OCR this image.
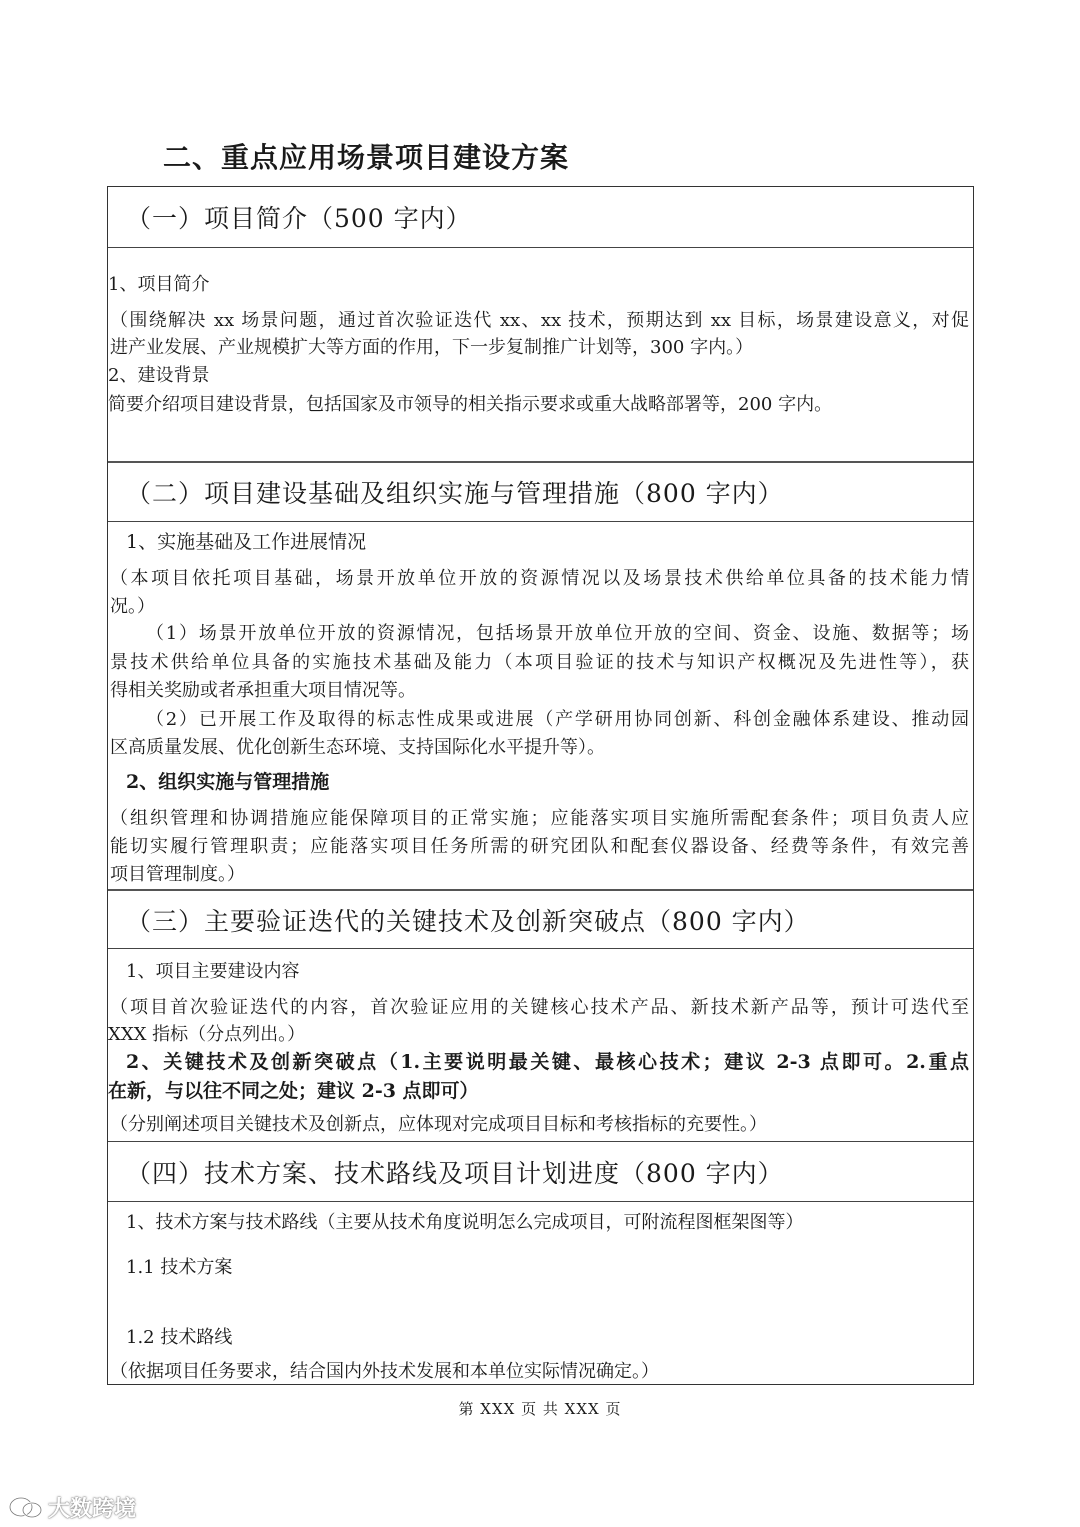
二、重点应用场景项目建设方案
（一）项目简介（500 字内）
1、项目简介
（围绕解决 xx 场景问题，通过首次验证迭代 xx、xx 技术，预期达到 xx 目标，场景建设意义，对促
进产业发展、产业规模扩大等方面的作用，下一步复制推广计划等，300 字内。）
2、建设背景
简要介绍项目建设背景，包括国家及市领导的相关指示要求或重大战略部署等，200 字内。
（二）项目建设基础及组织实施与管理措施（800 字内）
1、实施基础及工作进展情况
（本项目依托项目基础，场景开放单位开放的资源情况以及场景技术供给单位具备的技术能力情
况。）
（1）场景开放单位开放的资源情况，包括场景开放单位开放的空间、资金、设施、数据等；场
景技术供给单位具备的实施技术基础及能力（本项目验证的技术与知识产权概况及先进性等），获
得相关奖励或者承担重大项目情况等。
（2）已开展工作及取得的标志性成果或进展（产学研用协同创新、科创金融体系建设、推动园
区高质量发展、优化创新生态环境、支持国际化水平提升等）。
2、组织实施与管理措施
（组织管理和协调措施应能保障项目的正常实施；应能落实项目实施所需配套条件；项目负责人应
能切实履行管理职责；应能落实项目任务所需的研究团队和配套仪器设备、经费等条件，有效完善
项目管理制度。）
（三）主要验证迭代的关键技术及创新突破点（800 字内）
1、项目主要建设内容
（项目首次验证迭代的内容，首次验证应用的关键核心技术产品、新技术新产品等，预计可迭代至
XXX 指标（分点列出。）
2、关键技术及创新突破点（1.主要说明最关键、最核心技术；建议 2-3 点即可。2.重点
在新，与以往不同之处；建议 2-3 点即可）
（分别阐述项目关键技术及创新点，应体现对完成项目目标和考核指标的充要性。）
（四）技术方案、技术路线及项目计划进度（800 字内）
1、技术方案与技术路线（主要从技术角度说明怎么完成项目，可附流程图框架图等）
1.1 技术方案
1.2 技术路线
（依据项目任务要求，结合国内外技术发展和本单位实际情况确定。）
第 XXX 页 共 XXX 页
大数跨境
